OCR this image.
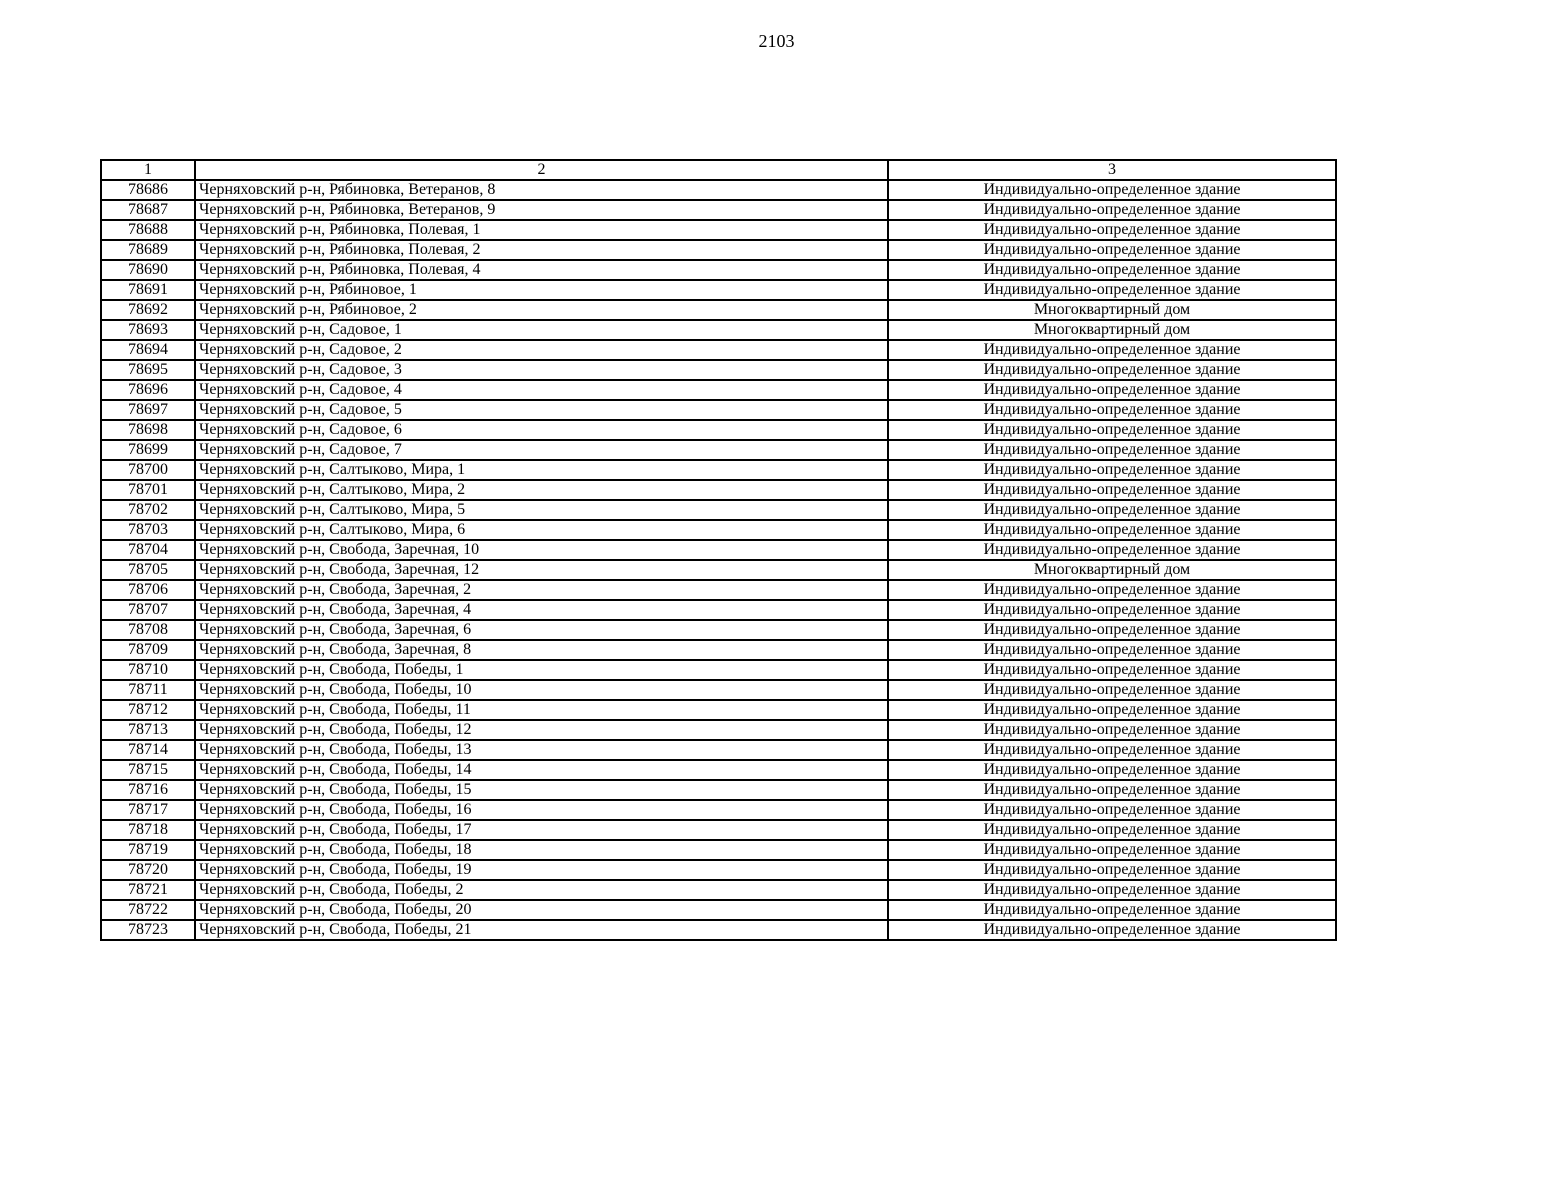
2103
1	2	3
78686	Черняховский р-н, Рябиновка, Ветеранов, 8	Индивидуально-определенное здание
78687	Черняховский р-н, Рябиновка, Ветеранов, 9	Индивидуально-определенное здание
78688	Черняховский р-н, Рябиновка, Полевая, 1	Индивидуально-определенное здание
78689	Черняховский р-н, Рябиновка, Полевая, 2	Индивидуально-определенное здание
78690	Черняховский р-н, Рябиновка, Полевая, 4	Индивидуально-определенное здание
78691	Черняховский р-н, Рябиновое, 1	Индивидуально-определенное здание
78692	Черняховский р-н, Рябиновое, 2	Многоквартирный дом
78693	Черняховский р-н, Садовое, 1	Многоквартирный дом
78694	Черняховский р-н, Садовое, 2	Индивидуально-определенное здание
78695	Черняховский р-н, Садовое, 3	Индивидуально-определенное здание
78696	Черняховский р-н, Садовое, 4	Индивидуально-определенное здание
78697	Черняховский р-н, Садовое, 5	Индивидуально-определенное здание
78698	Черняховский р-н, Садовое, 6	Индивидуально-определенное здание
78699	Черняховский р-н, Садовое, 7	Индивидуально-определенное здание
78700	Черняховский р-н, Салтыково, Мира, 1	Индивидуально-определенное здание
78701	Черняховский р-н, Салтыково, Мира, 2	Индивидуально-определенное здание
78702	Черняховский р-н, Салтыково, Мира, 5	Индивидуально-определенное здание
78703	Черняховский р-н, Салтыково, Мира, 6	Индивидуально-определенное здание
78704	Черняховский р-н, Свобода, Заречная, 10	Индивидуально-определенное здание
78705	Черняховский р-н, Свобода, Заречная, 12	Многоквартирный дом
78706	Черняховский р-н, Свобода, Заречная, 2	Индивидуально-определенное здание
78707	Черняховский р-н, Свобода, Заречная, 4	Индивидуально-определенное здание
78708	Черняховский р-н, Свобода, Заречная, 6	Индивидуально-определенное здание
78709	Черняховский р-н, Свобода, Заречная, 8	Индивидуально-определенное здание
78710	Черняховский р-н, Свобода, Победы, 1	Индивидуально-определенное здание
78711	Черняховский р-н, Свобода, Победы, 10	Индивидуально-определенное здание
78712	Черняховский р-н, Свобода, Победы, 11	Индивидуально-определенное здание
78713	Черняховский р-н, Свобода, Победы, 12	Индивидуально-определенное здание
78714	Черняховский р-н, Свобода, Победы, 13	Индивидуально-определенное здание
78715	Черняховский р-н, Свобода, Победы, 14	Индивидуально-определенное здание
78716	Черняховский р-н, Свобода, Победы, 15	Индивидуально-определенное здание
78717	Черняховский р-н, Свобода, Победы, 16	Индивидуально-определенное здание
78718	Черняховский р-н, Свобода, Победы, 17	Индивидуально-определенное здание
78719	Черняховский р-н, Свобода, Победы, 18	Индивидуально-определенное здание
78720	Черняховский р-н, Свобода, Победы, 19	Индивидуально-определенное здание
78721	Черняховский р-н, Свобода, Победы, 2	Индивидуально-определенное здание
78722	Черняховский р-н, Свобода, Победы, 20	Индивидуально-определенное здание
78723	Черняховский р-н, Свобода, Победы, 21	Индивидуально-определенное здание
